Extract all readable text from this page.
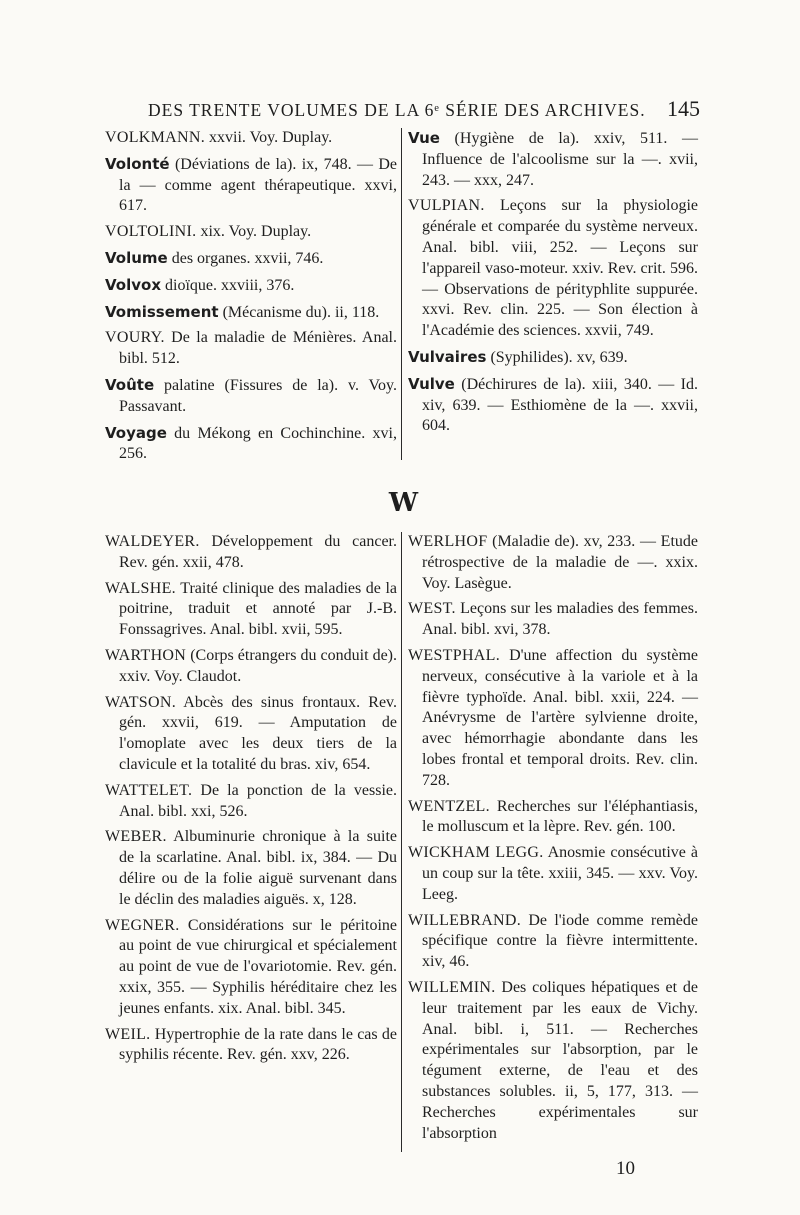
DES TRENTE VOLUMES DE LA 6ᵉ SÉRIE DES ARCHIVES. 145

VOLKMANN. xxvii. Voy. Duplay.

Volonté (Déviations de la). ix, 748. — De la — comme agent thérapeutique. xxvi, 617.

VOLTOLINI. xix. Voy. Duplay.

Volume des organes. xxvii, 746.

Volvox dioïque. xxviii, 376.

Vomissement (Mécanisme du). ii, 118.

VOURY. De la maladie de Ménières. Anal. bibl. 512.

Voûte palatine (Fissures de la). v. Voy. Passavant.

Voyage du Mékong en Cochinchine. xvi, 256.

Vue (Hygiène de la). xxiv, 511. — Influence de l'alcoolisme sur la —. xvii, 243. — xxx, 247.

VULPIAN. Leçons sur la physiologie générale et comparée du système nerveux. Anal. bibl. viii, 252. — Leçons sur l'appareil vaso-moteur. xxiv. Rev. crit. 596. — Observations de pérityphlite suppurée. xxvi. Rev. clin. 225. — Son élection à l'Académie des sciences. xxvii, 749.

Vulvaires (Syphilides). xv, 639.

Vulve (Déchirures de la). xiii, 340. — Id. xiv, 639. — Esthiomène de la —. xxvii, 604.

W

WALDEYER. Développement du cancer. Rev. gén. xxii, 478.

WALSHE. Traité clinique des maladies de la poitrine, traduit et annoté par J.-B. Fonssagrives. Anal. bibl. xvii, 595.

WARTHON (Corps étrangers du conduit de). xxiv. Voy. Claudot.

WATSON. Abcès des sinus frontaux. Rev. gén. xxvii, 619. — Amputation de l'omoplate avec les deux tiers de la clavicule et la totalité du bras. xiv, 654.

WATTELET. De la ponction de la vessie. Anal. bibl. xxi, 526.

WEBER. Albuminurie chronique à la suite de la scarlatine. Anal. bibl. ix, 384. — Du délire ou de la folie aiguë survenant dans le déclin des maladies aiguës. x, 128.

WEGNER. Considérations sur le péritoine au point de vue chirurgical et spécialement au point de vue de l'ovariotomie. Rev. gén. xxix, 355. — Syphilis héréditaire chez les jeunes enfants. xix. Anal. bibl. 345.

WEIL. Hypertrophie de la rate dans le cas de syphilis récente. Rev. gén. xxv, 226.

WERLHOF (Maladie de). xv, 233. — Etude rétrospective de la maladie de —. xxix. Voy. Lasègue.

WEST. Leçons sur les maladies des femmes. Anal. bibl. xvi, 378.

WESTPHAL. D'une affection du système nerveux, consécutive à la variole et à la fièvre typhoïde. Anal. bibl. xxii, 224. — Anévrysme de l'artère sylvienne droite, avec hémorrhagie abondante dans les lobes frontal et temporal droits. Rev. clin. 728.

WENTZEL. Recherches sur l'éléphantiasis, le molluscum et la lèpre. Rev. gén. 100.

WICKHAM LEGG. Anosmie consécutive à un coup sur la tête. xxiii, 345. — xxv. Voy. Leeg.

WILLEBRAND. De l'iode comme remède spécifique contre la fièvre intermittente. xiv, 46.

WILLEMIN. Des coliques hépatiques et de leur traitement par les eaux de Vichy. Anal. bibl. i, 511. — Recherches expérimentales sur l'absorption, par le tégument externe, de l'eau et des substances solubles. ii, 5, 177, 313. — Recherches expérimentales sur l'absorption

10
